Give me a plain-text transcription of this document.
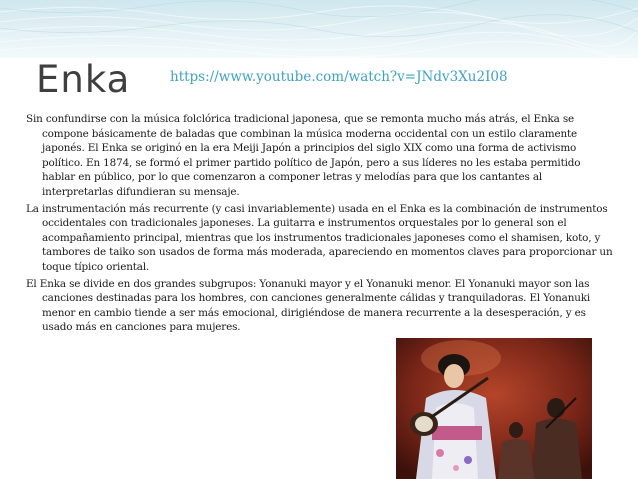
Enka	https://www.youtube.com/watch?v=JNdv3Xu2I08

Sin confundirse con la música folclórica tradicional japonesa, que se remonta mucho más atrás, el Enka se compone básicamente de baladas que combinan la música moderna occidental con un estilo claramente japonés. El Enka se originó en la era Meiji Japón a principios del siglo XIX como una forma de activismo político. En 1874, se formó el primer partido político de Japón, pero a sus líderes no les estaba permitido hablar en público, por lo que comenzaron a componer letras y melodías para que los cantantes al interpretarlas difundieran su mensaje.

La instrumentación más recurrente (y casi invariablemente) usada en el Enka es la combinación de instrumentos occidentales con tradicionales japoneses. La guitarra e instrumentos orquestales por lo general son el acompañamiento principal, mientras que los instrumentos tradicionales japoneses como el shamisen, koto, y tambores de taiko son usados de forma más moderada, apareciendo en momentos claves para proporcionar un toque típico oriental.

El Enka se divide en dos grandes subgrupos: Yonanuki mayor y el Yonanuki menor. El Yonanuki mayor son las canciones destinadas para los hombres, con canciones generalmente cálidas y tranquiladoras. El Yonanuki menor en cambio tiende a ser más emocional, dirigiéndose de manera recurrente a la desesperación, y es usado más en canciones para mujeres.
